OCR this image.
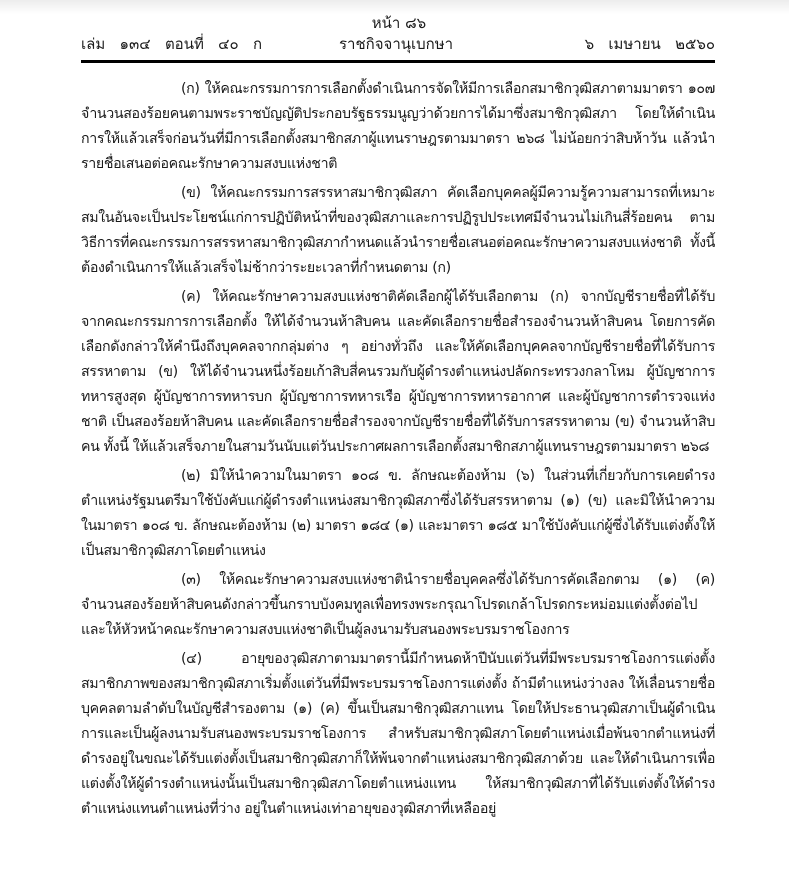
หน้า ๘๖
เล่ม   ๑๓๔   ตอนที่   ๔๐   ก	ราชกิจจานุเบกษา	๖   เมษายน   ๒๕๖๐

(ก) ให้คณะกรรมการการเลือกตั้งดำเนินการจัดให้มีการเลือกสมาชิกวุฒิสภาตามมาตรา ๑๐๗ จำนวนสองร้อยคนตามพระราชบัญญัติประกอบรัฐธรรมนูญว่าด้วยการได้มาซึ่งสมาชิกวุฒิสภา โดยให้ดำเนินการให้แล้วเสร็จก่อนวันที่มีการเลือกตั้งสมาชิกสภาผู้แทนราษฎรตามมาตรา ๒๖๘ ไม่น้อยกว่าสิบห้าวัน แล้วนำรายชื่อเสนอต่อคณะรักษาความสงบแห่งชาติ

(ข) ให้คณะกรรมการสรรหาสมาชิกวุฒิสภา คัดเลือกบุคคลผู้มีความรู้ความสามารถที่เหมาะสมในอันจะเป็นประโยชน์แก่การปฏิบัติหน้าที่ของวุฒิสภาและการปฏิรูปประเทศมีจำนวนไม่เกินสี่ร้อยคน ตามวิธีการที่คณะกรรมการสรรหาสมาชิกวุฒิสภากำหนดแล้วนำรายชื่อเสนอต่อคณะรักษาความสงบแห่งชาติ ทั้งนี้ ต้องดำเนินการให้แล้วเสร็จไม่ช้ากว่าระยะเวลาที่กำหนดตาม (ก)

(ค) ให้คณะรักษาความสงบแห่งชาติคัดเลือกผู้ได้รับเลือกตาม (ก) จากบัญชีรายชื่อที่ได้รับจากคณะกรรมการการเลือกตั้ง ให้ได้จำนวนห้าสิบคน และคัดเลือกรายชื่อสำรองจำนวนห้าสิบคน โดยการคัดเลือกดังกล่าวให้คำนึงถึงบุคคลจากกลุ่มต่าง ๆ อย่างทั่วถึง และให้คัดเลือกบุคคลจากบัญชีรายชื่อที่ได้รับการสรรหาตาม (ข) ให้ได้จำนวนหนึ่งร้อยเก้าสิบสี่คนรวมกับผู้ดำรงตำแหน่งปลัดกระทรวงกลาโหม ผู้บัญชาการทหารสูงสุด ผู้บัญชาการทหารบก ผู้บัญชาการทหารเรือ ผู้บัญชาการทหารอากาศ และผู้บัญชาการตำรวจแห่งชาติ เป็นสองร้อยห้าสิบคน และคัดเลือกรายชื่อสำรองจากบัญชีรายชื่อที่ได้รับการสรรหาตาม (ข) จำนวนห้าสิบคน ทั้งนี้ ให้แล้วเสร็จภายในสามวันนับแต่วันประกาศผลการเลือกตั้งสมาชิกสภาผู้แทนราษฎรตามมาตรา ๒๖๘

(๒) มิให้นำความในมาตรา ๑๐๘ ข. ลักษณะต้องห้าม (๖) ในส่วนที่เกี่ยวกับการเคยดำรงตำแหน่งรัฐมนตรีมาใช้บังคับแก่ผู้ดำรงตำแหน่งสมาชิกวุฒิสภาซึ่งได้รับสรรหาตาม (๑) (ข) และมิให้นำความในมาตรา ๑๐๘ ข. ลักษณะต้องห้าม (๒) มาตรา ๑๘๔ (๑) และมาตรา ๑๘๕ มาใช้บังคับแก่ผู้ซึ่งได้รับแต่งตั้งให้เป็นสมาชิกวุฒิสภาโดยตำแหน่ง

(๓) ให้คณะรักษาความสงบแห่งชาตินำรายชื่อบุคคลซึ่งได้รับการคัดเลือกตาม (๑) (ค) จำนวนสองร้อยห้าสิบคนดังกล่าวขึ้นกราบบังคมทูลเพื่อทรงพระกรุณาโปรดเกล้าโปรดกระหม่อมแต่งตั้งต่อไป และให้หัวหน้าคณะรักษาความสงบแห่งชาติเป็นผู้ลงนามรับสนองพระบรมราชโองการ

(๔) อายุของวุฒิสภาตามมาตรานี้มีกำหนดห้าปีนับแต่วันที่มีพระบรมราชโองการแต่งตั้งสมาชิกภาพของสมาชิกวุฒิสภาเริ่มตั้งแต่วันที่มีพระบรมราชโองการแต่งตั้ง ถ้ามีตำแหน่งว่างลง ให้เลื่อนรายชื่อบุคคลตามลำดับในบัญชีสำรองตาม (๑) (ค) ขึ้นเป็นสมาชิกวุฒิสภาแทน โดยให้ประธานวุฒิสภาเป็นผู้ดำเนินการและเป็นผู้ลงนามรับสนองพระบรมราชโองการ สำหรับสมาชิกวุฒิสภาโดยตำแหน่งเมื่อพ้นจากตำแหน่งที่ดำรงอยู่ในขณะได้รับแต่งตั้งเป็นสมาชิกวุฒิสภาก็ให้พ้นจากตำแหน่งสมาชิกวุฒิสภาด้วย และให้ดำเนินการเพื่อแต่งตั้งให้ผู้ดำรงตำแหน่งนั้นเป็นสมาชิกวุฒิสภาโดยตำแหน่งแทน ให้สมาชิกวุฒิสภาที่ได้รับแต่งตั้งให้ดำรงตำแหน่งแทนตำแหน่งที่ว่าง อยู่ในตำแหน่งเท่าอายุของวุฒิสภาที่เหลืออยู่
